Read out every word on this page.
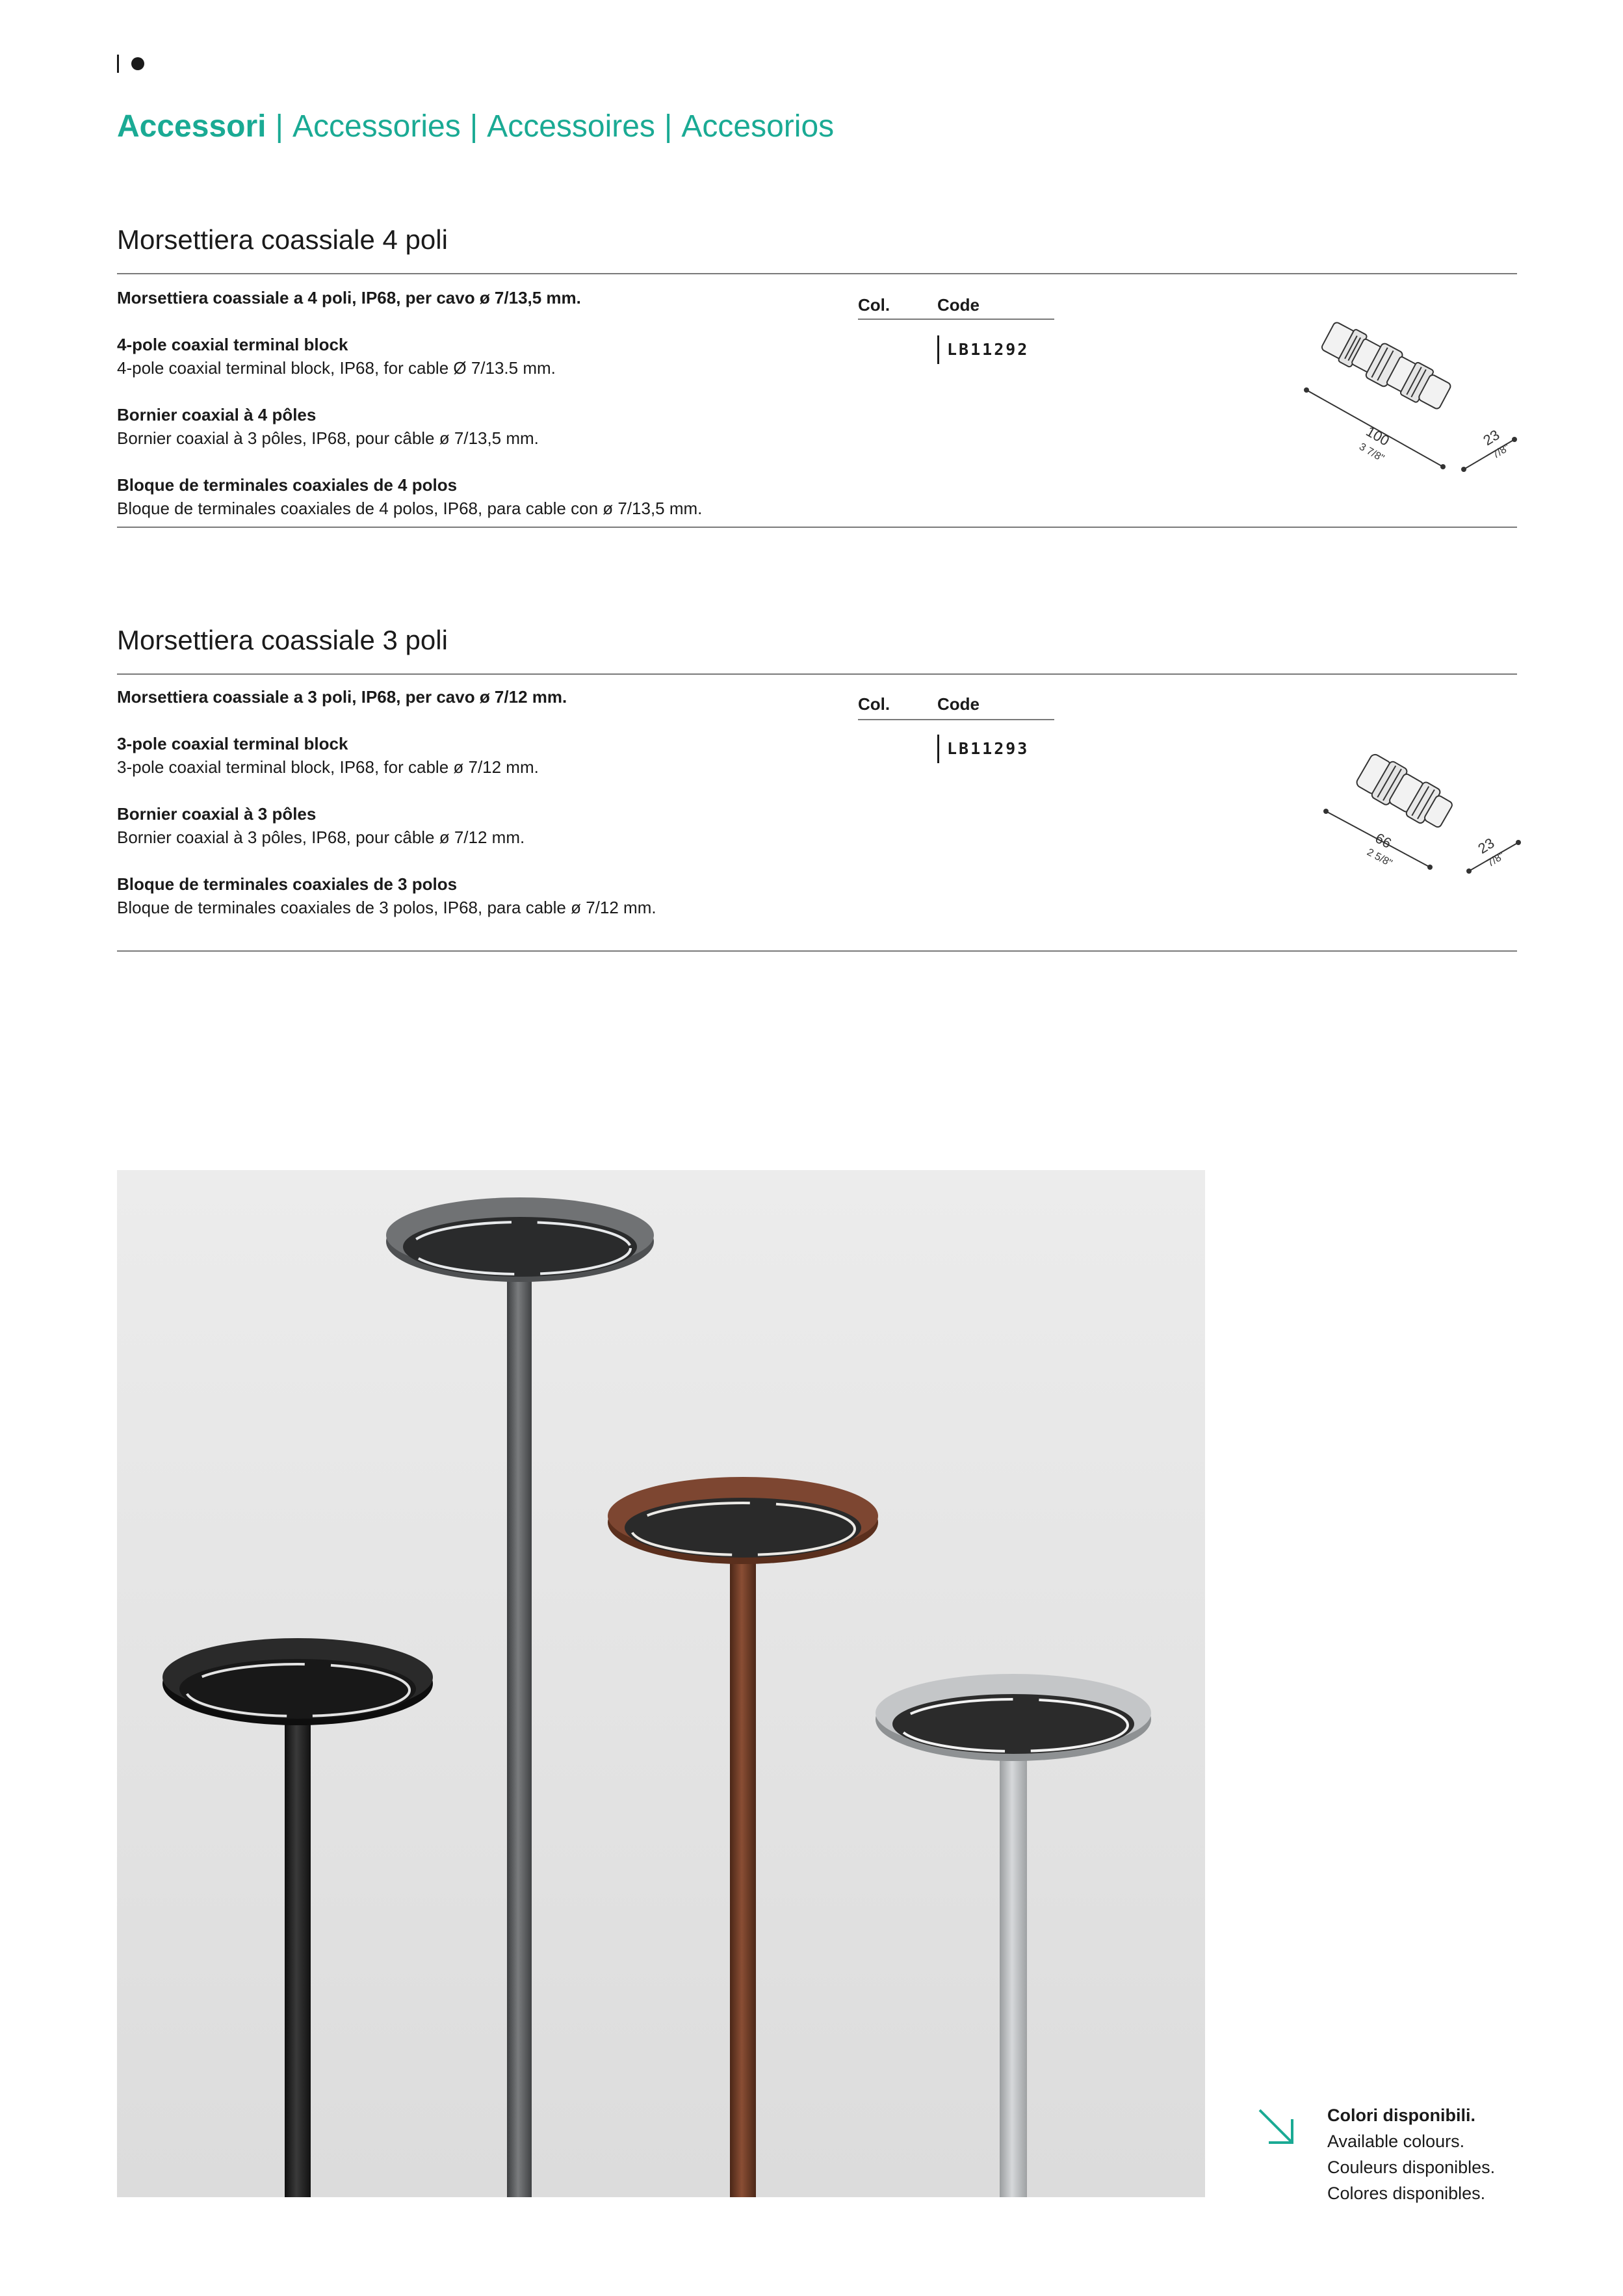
Accessori | Accessories | Accessoires | Accesorios
Morsettiera coassiale 4 poli

Morsettiera coassiale a 4 poli, IP68, per cavo ø 7/13,5 mm.

4-pole coaxial terminal block

4-pole coaxial terminal block, IP68, for cable Ø 7/13.5 mm.

Bornier coaxial à 4 pôles

Bornier coaxial à 3 pôles, IP68, pour câble ø 7/13,5 mm.

Bloque de terminales coaxiales de 4 polos

Bloque de terminales coaxiales de 4 polos, IP68, para cable con ø 7/13,5 mm.

Col.	Code
LB11292
100
3 7/8"
23
7/8"
Morsettiera coassiale 3 poli

Morsettiera coassiale a 3 poli, IP68, per cavo ø 7/12 mm.

3-pole coaxial terminal block

3-pole coaxial terminal block, IP68, for cable ø 7/12 mm.

Bornier coaxial à 3 pôles

Bornier coaxial à 3 pôles, IP68, pour câble ø 7/12 mm.

Bloque de terminales coaxiales de 3 polos

Bloque de terminales coaxiales de 3 polos, IP68, para cable ø 7/12 mm.

Col.	Code
LB11293
66
2 5/8"
23
7/8"

Colori disponibili.

Available colours.

Couleurs disponibles.

Colores disponibles.
